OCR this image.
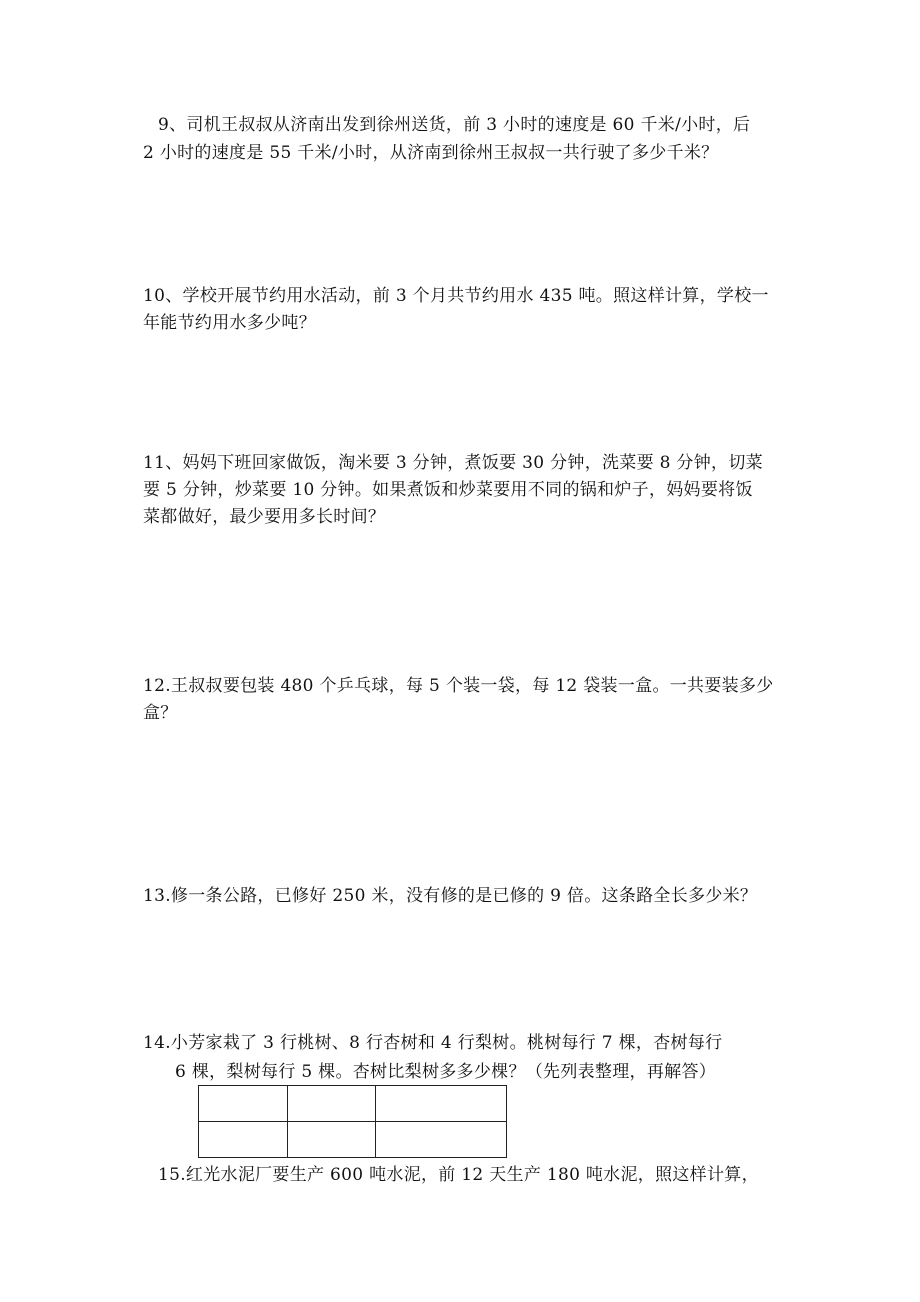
9、司机王叔叔从济南出发到徐州送货，前 3 小时的速度是 60 千米/小时，后
2 小时的速度是 55 千米/小时，从济南到徐州王叔叔一共行驶了多少千米？
10、学校开展节约用水活动，前 3 个月共节约用水 435 吨。照这样计算，学校一
年能节约用水多少吨？
11、妈妈下班回家做饭，淘米要 3 分钟，煮饭要 30 分钟，洗菜要 8 分钟，切菜
要 5 分钟，炒菜要 10 分钟。如果煮饭和炒菜要用不同的锅和炉子，妈妈要将饭
菜都做好，最少要用多长时间？
12.王叔叔要包装 480 个乒乓球，每 5 个装一袋，每 12 袋装一盒。一共要装多少
盒？
13.修一条公路，已修好 250 米，没有修的是已修的 9 倍。这条路全长多少米？
14.小芳家栽了 3 行桃树、8 行杏树和 4 行梨树。桃树每行 7 棵，杏树每行
6 棵，梨树每行 5 棵。杏树比梨树多多少棵？（先列表整理，再解答）

15.红光水泥厂要生产 600 吨水泥，前 12 天生产 180 吨水泥，照这样计算，
